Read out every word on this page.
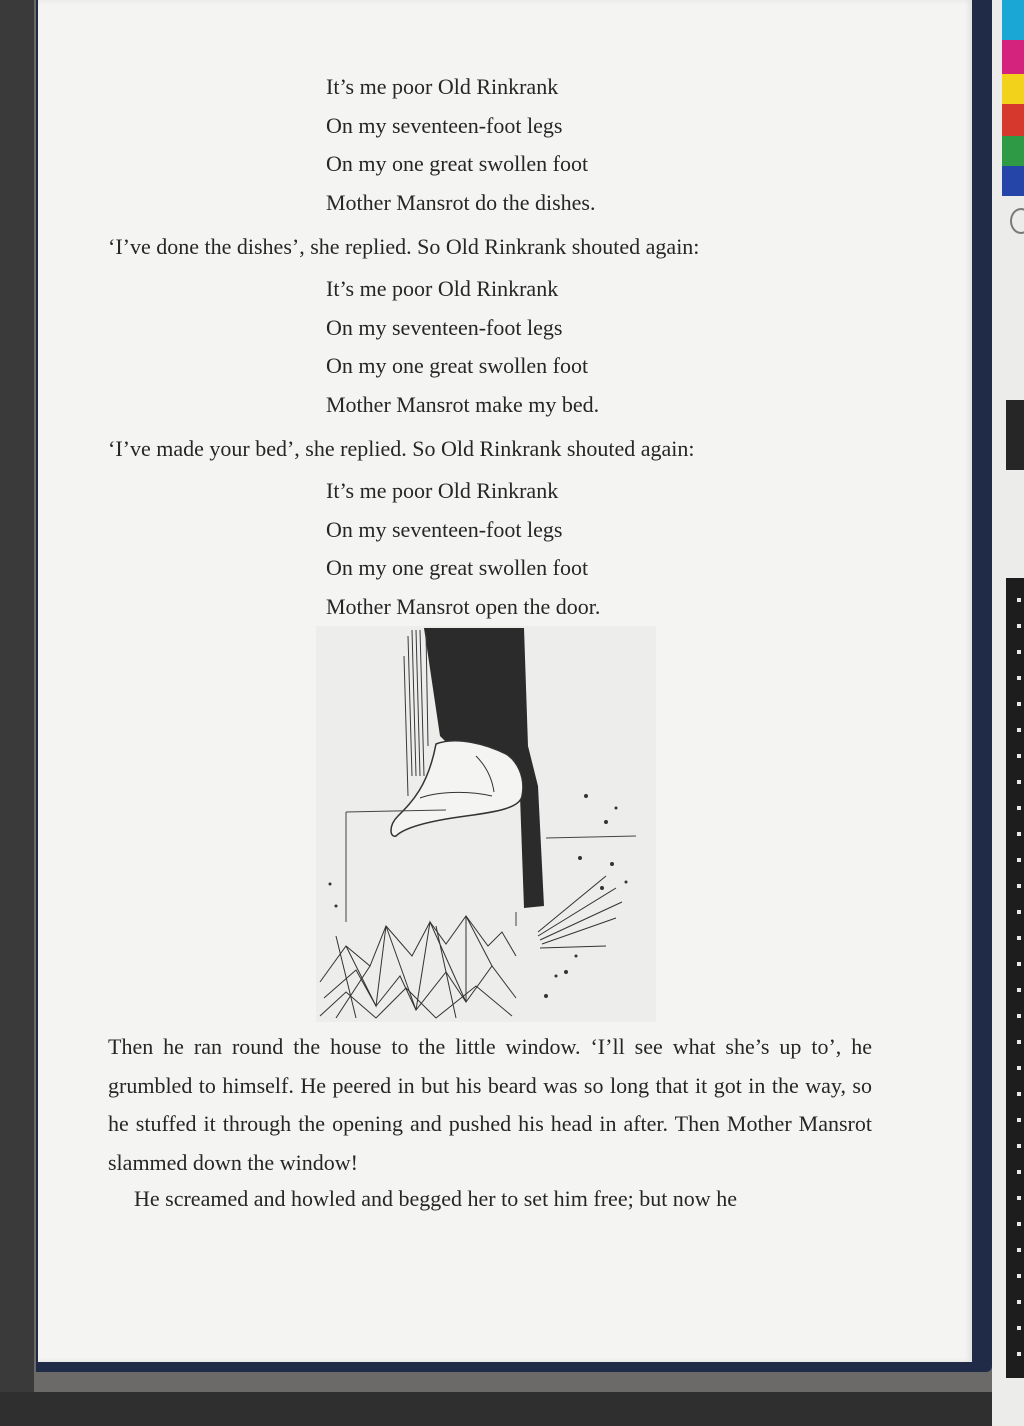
It’s me poor Old Rinkrank
On my seventeen-foot legs
On my one great swollen foot
Mother Mansrot do the dishes.
‘I’ve done the dishes’, she replied. So Old Rinkrank shouted again:
It’s me poor Old Rinkrank
On my seventeen-foot legs
On my one great swollen foot
Mother Mansrot make my bed.
‘I’ve made your bed’, she replied. So Old Rinkrank shouted again:
It’s me poor Old Rinkrank
On my seventeen-foot legs
On my one great swollen foot
Mother Mansrot open the door.

Then he ran round the house to the little window. ‘I’ll see what she’s up to’, he grumbled to himself. He peered in but his beard was so long that it got in the way, so he stuffed it through the opening and pushed his head in after. Then Mother Mansrot slammed down the window!

He screamed and howled and begged her to set him free; but now he
